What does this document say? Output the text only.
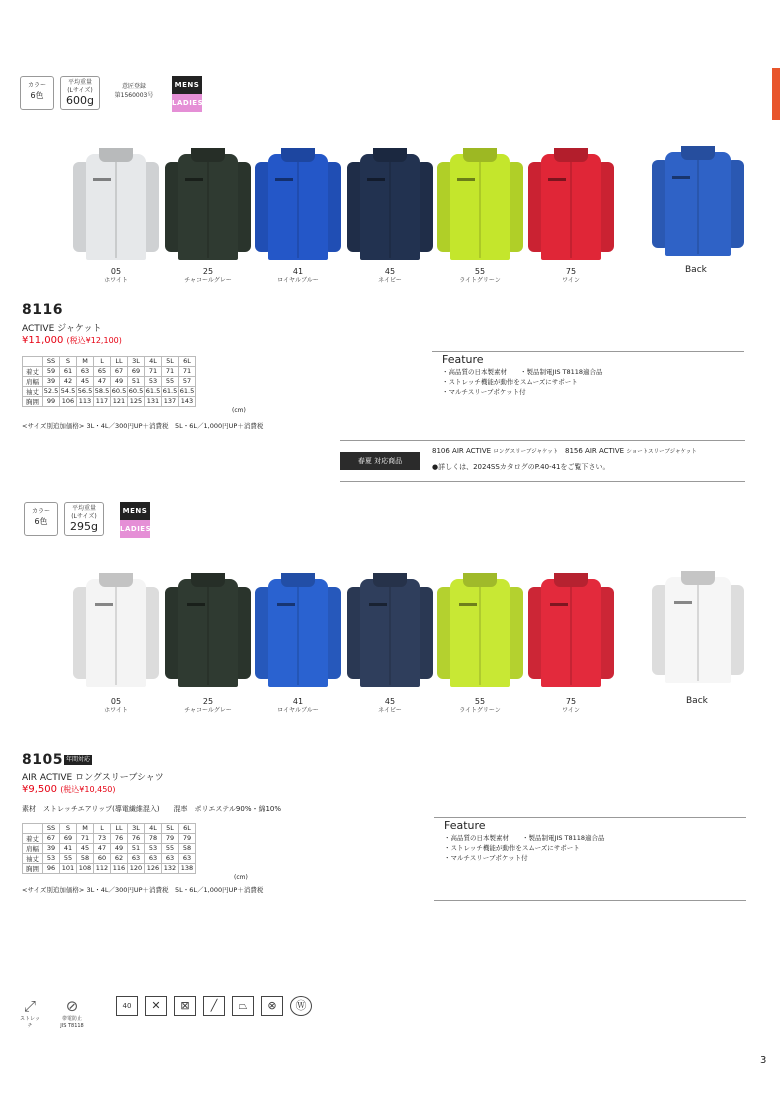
カラー
6色
平均重量
(Lサイズ)
600g
意匠登録
第1560003号
MENS
LADIES
05
ホワイト
25
チャコールグレー
41
ロイヤルブルー
45
ネイビー
55
ライトグリーン
75
ワイン
Back
8116
ACTIVE ジャケット
¥11,000 (税込¥12,100)
	SS	S	M	L	LL	3L	4L	5L	6L
着丈	59	61	63	65	67	69	71	71	71
肩幅	39	42	45	47	49	51	53	55	57
袖丈	52.5	54.5	56.5	58.5	60.5	60.5	61.5	61.5	61.5
胸囲	99	106	113	117	121	125	131	137	143
(cm)
<サイズ別追加価格> 3L・4L／300円UP＋消費税　5L・6L／1,000円UP＋消費税
Feature
・高品質の日本製素材　　・製品制電JIS T8118適合品
・ストレッチ機能が動作をスムーズにサポート
・マルチスリーブポケット付
春夏 対応商品
8106 AIR ACTIVE ロングスリーブジャケット 8156 AIR ACTIVE ショートスリーブジャケット
●詳しくは、2024SSカタログのP.40-41をご覧下さい。
カラー
6色
平均重量
(Lサイズ)
295g
MENS
LADIES
05
ホワイト
25
チャコールグレー
41
ロイヤルブルー
45
ネイビー
55
ライトグリーン
75
ワイン
Back
8105 年間対応
AIR ACTIVE ロングスリーブシャツ
¥9,500 (税込¥10,450)
素材　ストレッチエアリップ(導電繊維混入)　　混率　ポリエステル90%・綿10%
	SS	S	M	L	LL	3L	4L	5L	6L
着丈	67	69	71	73	76	76	78	79	79
肩幅	39	41	45	47	49	51	53	55	58
袖丈	53	55	58	60	62	63	63	63	63
胸囲	96	101	108	112	116	120	126	132	138
(cm)
<サイズ別追加価格> 3L・4L／300円UP＋消費税　5L・6L／1,000円UP＋消費税
Feature
・高品質の日本製素材　　・製品制電JIS T8118適合品
・ストレッチ機能が動作をスムーズにサポート
・マルチスリーブポケット付
⤢
ストレッチ
⊘
帯電防止
JIS T8118
40	✕	⊠	╱	⏢	⊗	Ⓦ
3
